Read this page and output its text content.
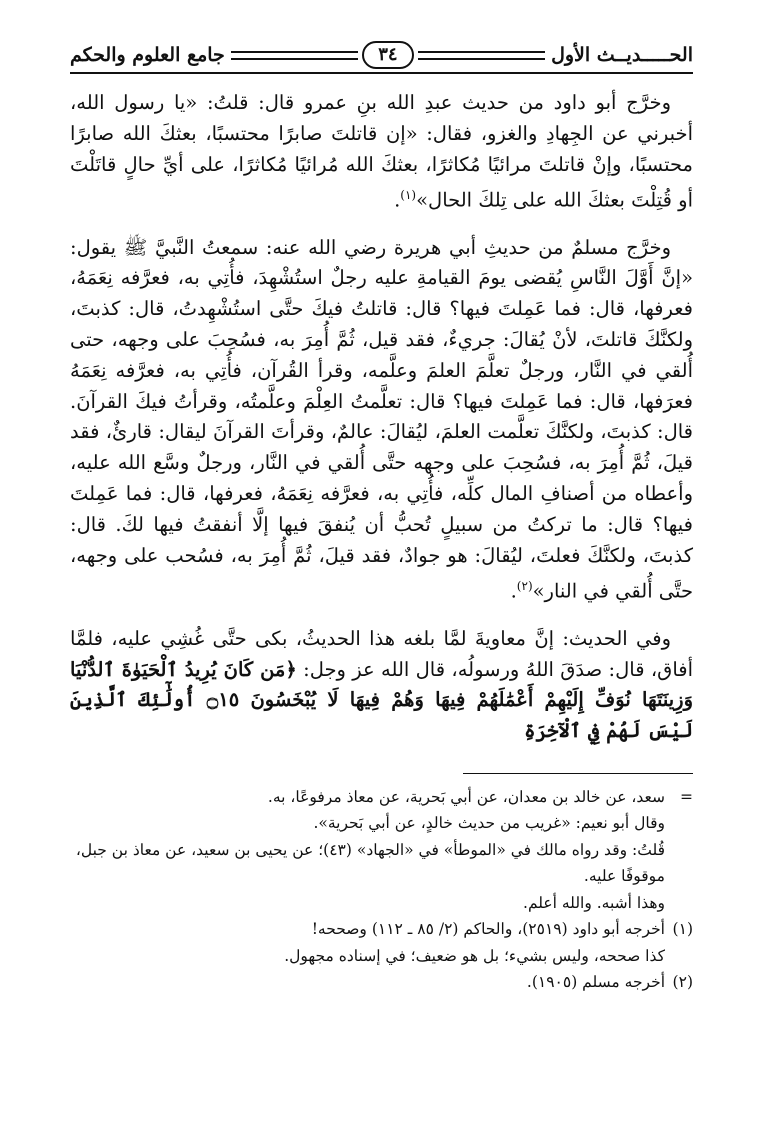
الحـــــديــث الأول
٣٤
جامع العلوم والحكم

وخرَّج أبو داود من حديث عبدِ الله بنِ عمرو قال: قلتُ: «يا رسول الله، أخبرني عن الجِهادِ والغزو، فقال: «إن قاتلتَ صابرًا محتسبًا، بعثكَ الله صابرًا محتسبًا، وإنْ قاتلتَ مرائيًا مُكاثرًا، بعثكَ الله مُرائيًا مُكاثرًا، على أيِّ حالٍ قاتَلْتَ أو قُتِلْتَ بعثكَ الله على تِلكَ الحال»$^{(١)}$.

وخرَّج مسلمٌ من حديثِ أبي هريرة رضي الله عنه: سمعتُ النَّبيَّ ﷺ يقول: «إنَّ أَوَّلَ النَّاسِ يُقضى يومَ القيامةِ عليه رجلٌ استُشْهِدَ، فأُتِي به، فعرَّفه نِعَمَهُ، فعرفها، قال: فما عَمِلتَ فيها؟ قال: قاتلتُ فيكَ حتَّى استُشْهِدتُ، قال: كذبتَ، ولكنَّكَ قاتلتَ، لأنْ يُقالَ: جريءٌ، فقد قيل، ثُمَّ أُمِرَ به، فسُحِبَ على وجهه، حتى أُلقي في النَّار، ورجلٌ تعلَّمَ العلمَ وعلَّمه، وقرأ القُرآن، فأُتِي به، فعرَّفه نِعَمَهُ فعرَفها، قال: فما عَمِلتَ فيها؟ قال: تعلَّمتُ العِلْمَ وعلَّمتُه، وقرأتُ فيكَ القرآنَ. قال: كذبتَ، ولكنَّكَ تعلَّمت العلمَ، ليُقالَ: عالمٌ، وقرأتَ القرآنَ ليقال: قارئٌ، فقد قيلَ، ثُمَّ أُمِرَ به، فسُحِبَ على وجهه حتَّى أُلقي في النَّار، ورجلٌ وسَّع الله عليه، وأعطاه من أصنافِ المال كلِّه، فأُتِي به، فعرَّفه نِعَمَهُ، فعرفها، قال: فما عَمِلتَ فيها؟ قال: ما تركتُ من سبيلٍ تُحبُّ أن يُنفقَ فيها إلَّا أنفقتُ فيها لكَ. قال: كذبتَ، ولكنَّكَ فعلتَ، ليُقالَ: هو جوادٌ، فقد قيلَ، ثُمَّ أُمِرَ به، فسُحب على وجهه، حتَّى أُلقي في النار»$^{(٢)}$.

وفي الحديث: إنَّ معاويةَ لمَّا بلغه هذا الحديثُ، بكى حتَّى غُشِي عليه، فلمَّا أفاق، قال: صدَقَ اللهُ ورسولُه، قال الله عز وجل: ﴿مَن كَانَ يُرِيدُ ٱلْحَيَوٰةَ ٱلدُّنْيَا وَزِينَتَهَا نُوَفِّ إِلَيْهِمْ أَعْمَٰلَهُمْ فِيهَا وَهُمْ فِيهَا لَا يُبْخَسُونَ ۝١٥ أُولَٰٓئِكَ ٱلَّذِينَ لَيْسَ لَهُمْ فِي ٱلْآخِرَةِ

=
سعد، عن خالد بن معدان، عن أبي بَحرية، عن معاذ مرفوعًا، به.
وقال أبو نعيم: «غريب من حديث خالدٍ، عن أبي بَحرية».
قُلتُ: وقد رواه مالك في «الموطأ» في «الجهاد» (٤٣)؛ عن يحيى بن سعيد، عن معاذ بن جبل، موقوفًا عليه.
وهذا أشبه. والله أعلم.
(١)
أخرجه أبو داود (٢٥١٩)، والحاكم (٢/ ٨٥ ـ ١١٢) وصححه!
كذا صححه، وليس بشيء؛ بل هو ضعيف؛ في إسناده مجهول.
(٢)
أخرجه مسلم (١٩٠٥).
